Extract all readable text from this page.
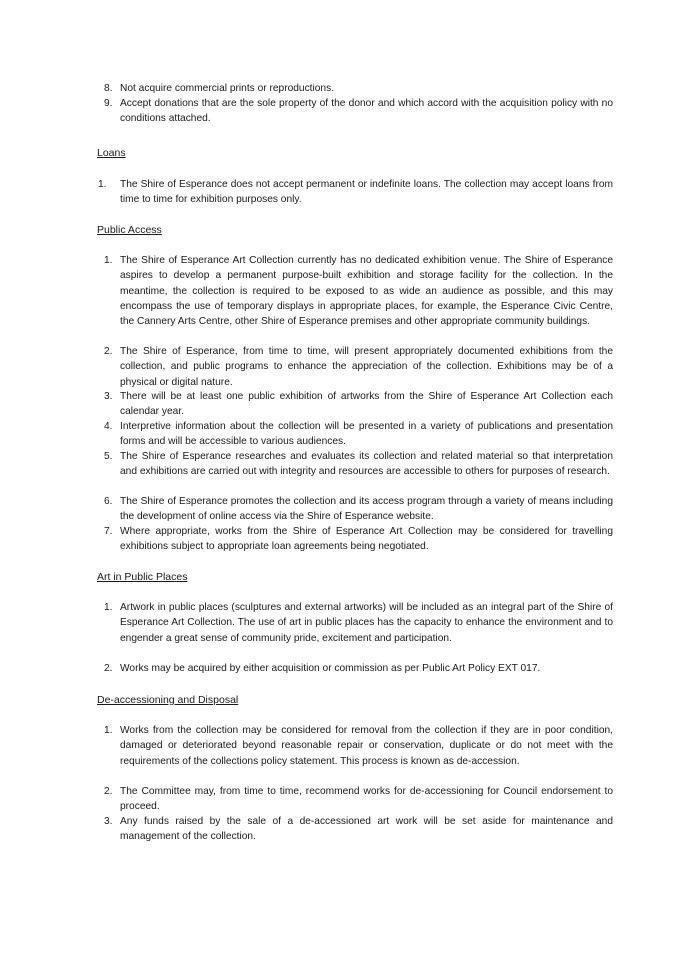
8. Not acquire commercial prints or reproductions.
9. Accept donations that are the sole property of the donor and which accord with the acquisition policy with no conditions attached.
Loans
1. The Shire of Esperance does not accept permanent or indefinite loans. The collection may accept loans from time to time for exhibition purposes only.
Public Access
1. The Shire of Esperance Art Collection currently has no dedicated exhibition venue. The Shire of Esperance aspires to develop a permanent purpose-built exhibition and storage facility for the collection. In the meantime, the collection is required to be exposed to as wide an audience as possible, and this may encompass the use of temporary displays in appropriate places, for example, the Esperance Civic Centre, the Cannery Arts Centre, other Shire of Esperance premises and other appropriate community buildings.
2. The Shire of Esperance, from time to time, will present appropriately documented exhibitions from the collection, and public programs to enhance the appreciation of the collection. Exhibitions may be of a physical or digital nature.
3. There will be at least one public exhibition of artworks from the Shire of Esperance Art Collection each calendar year.
4. Interpretive information about the collection will be presented in a variety of publications and presentation forms and will be accessible to various audiences.
5. The Shire of Esperance researches and evaluates its collection and related material so that interpretation and exhibitions are carried out with integrity and resources are accessible to others for purposes of research.
6. The Shire of Esperance promotes the collection and its access program through a variety of means including the development of online access via the Shire of Esperance website.
7. Where appropriate, works from the Shire of Esperance Art Collection may be considered for travelling exhibitions subject to appropriate loan agreements being negotiated.
Art in Public Places
1. Artwork in public places (sculptures and external artworks) will be included as an integral part of the Shire of Esperance Art Collection. The use of art in public places has the capacity to enhance the environment and to engender a great sense of community pride, excitement and participation.
2. Works may be acquired by either acquisition or commission as per Public Art Policy EXT 017.
De-accessioning and Disposal
1. Works from the collection may be considered for removal from the collection if they are in poor condition, damaged or deteriorated beyond reasonable repair or conservation, duplicate or do not meet with the requirements of the collections policy statement. This process is known as de-accession.
2. The Committee may, from time to time, recommend works for de-accessioning for Council endorsement to proceed.
3. Any funds raised by the sale of a de-accessioned art work will be set aside for maintenance and management of the collection.
